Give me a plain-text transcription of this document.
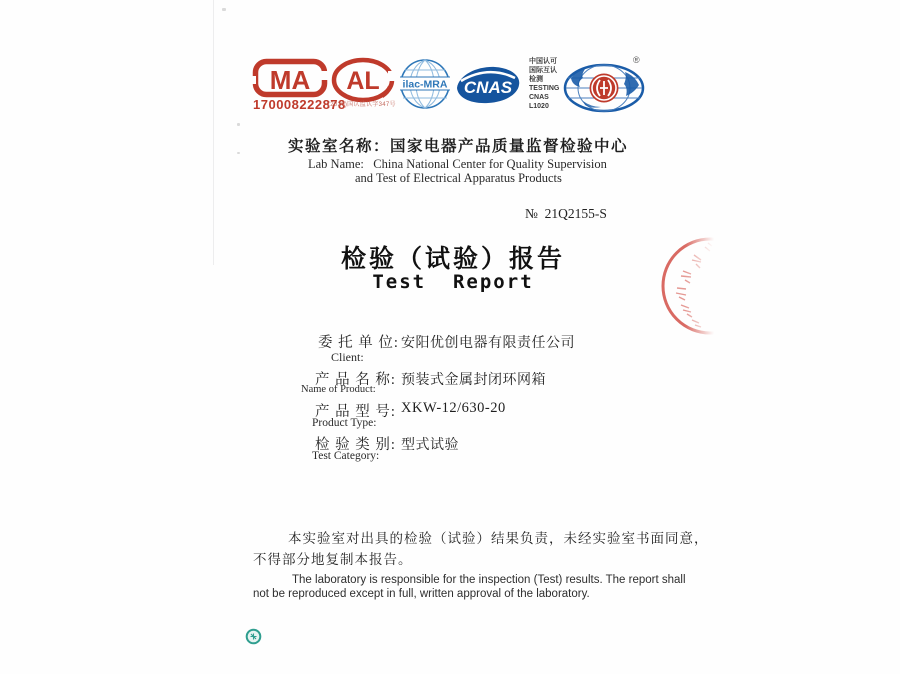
MA
170008222878
AL
(2020)国认监认字347号
ilac-MRA CNAS
中国认可
国际互认
检测
TESTING
CNAS L1020
®
实验室名称：国家电器产品质量监督检验中心
Lab Name:   China National Center for Quality Supervision
and Test of Electrical Apparatus Products
№  21Q2155-S
检验（试验）报告
Test  Report
委 托 单 位: 安阳优创电器有限责任公司
Client:
产 品 名 称: 预装式金属封闭环网箱
Name of Product:
产 品 型 号: XKW-12/630-20
Product Type:
检 验 类 别: 型式试验
Test Category:
本实验室对出具的检验（试验）结果负责，未经实验室书面同意，
不得部分地复制本报告。
The laboratory is responsible for the inspection (Test) results. The report shall
not be reproduced except in full, written approval of the laboratory.
